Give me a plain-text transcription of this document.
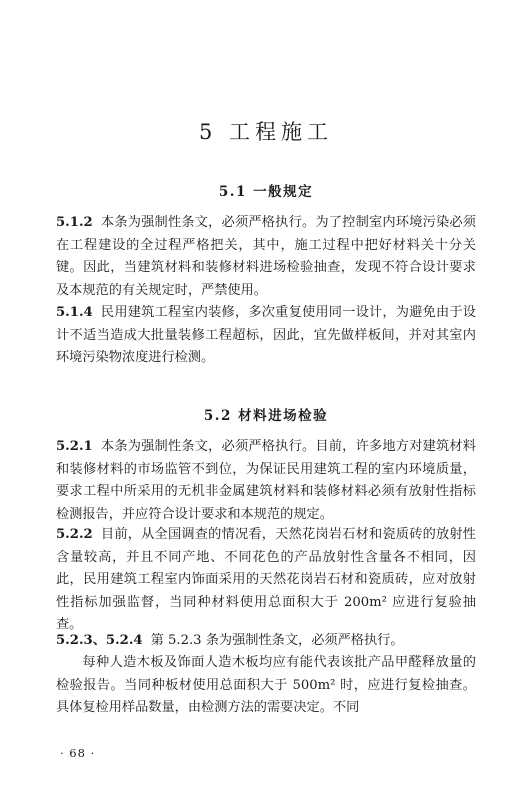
5 工程施工
5.1 一般规定

5.1.2 本条为强制性条文，必须严格执行。为了控制室内环境污染必须在工程建设的全过程严格把关，其中，施工过程中把好材料关十分关键。因此，当建筑材料和装修材料进场检验抽查，发现不符合设计要求及本规范的有关规定时，严禁使用。

5.1.4 民用建筑工程室内装修，多次重复使用同一设计，为避免由于设计不适当造成大批量装修工程超标，因此，宜先做样板间，并对其室内环境污染物浓度进行检测。

5.2 材料进场检验

5.2.1 本条为强制性条文，必须严格执行。目前，许多地方对建筑材料和装修材料的市场监管不到位，为保证民用建筑工程的室内环境质量，要求工程中所采用的无机非金属建筑材料和装修材料必须有放射性指标检测报告，并应符合设计要求和本规范的规定。

5.2.2 目前，从全国调查的情况看，天然花岗岩石材和瓷质砖的放射性含量较高，并且不同产地、不同花色的产品放射性含量各不相同，因此，民用建筑工程室内饰面采用的天然花岗岩石材和瓷质砖，应对放射性指标加强监督，当同种材料使用总面积大于 200m² 应进行复验抽查。

5.2.3、5.2.4 第 5.2.3 条为强制性条文，必须严格执行。

每种人造木板及饰面人造木板均应有能代表该批产品甲醛释放量的检验报告。当同种板材使用总面积大于 500m² 时，应进行复检抽查。具体复检用样品数量，由检测方法的需要决定。不同

· 68 ·
